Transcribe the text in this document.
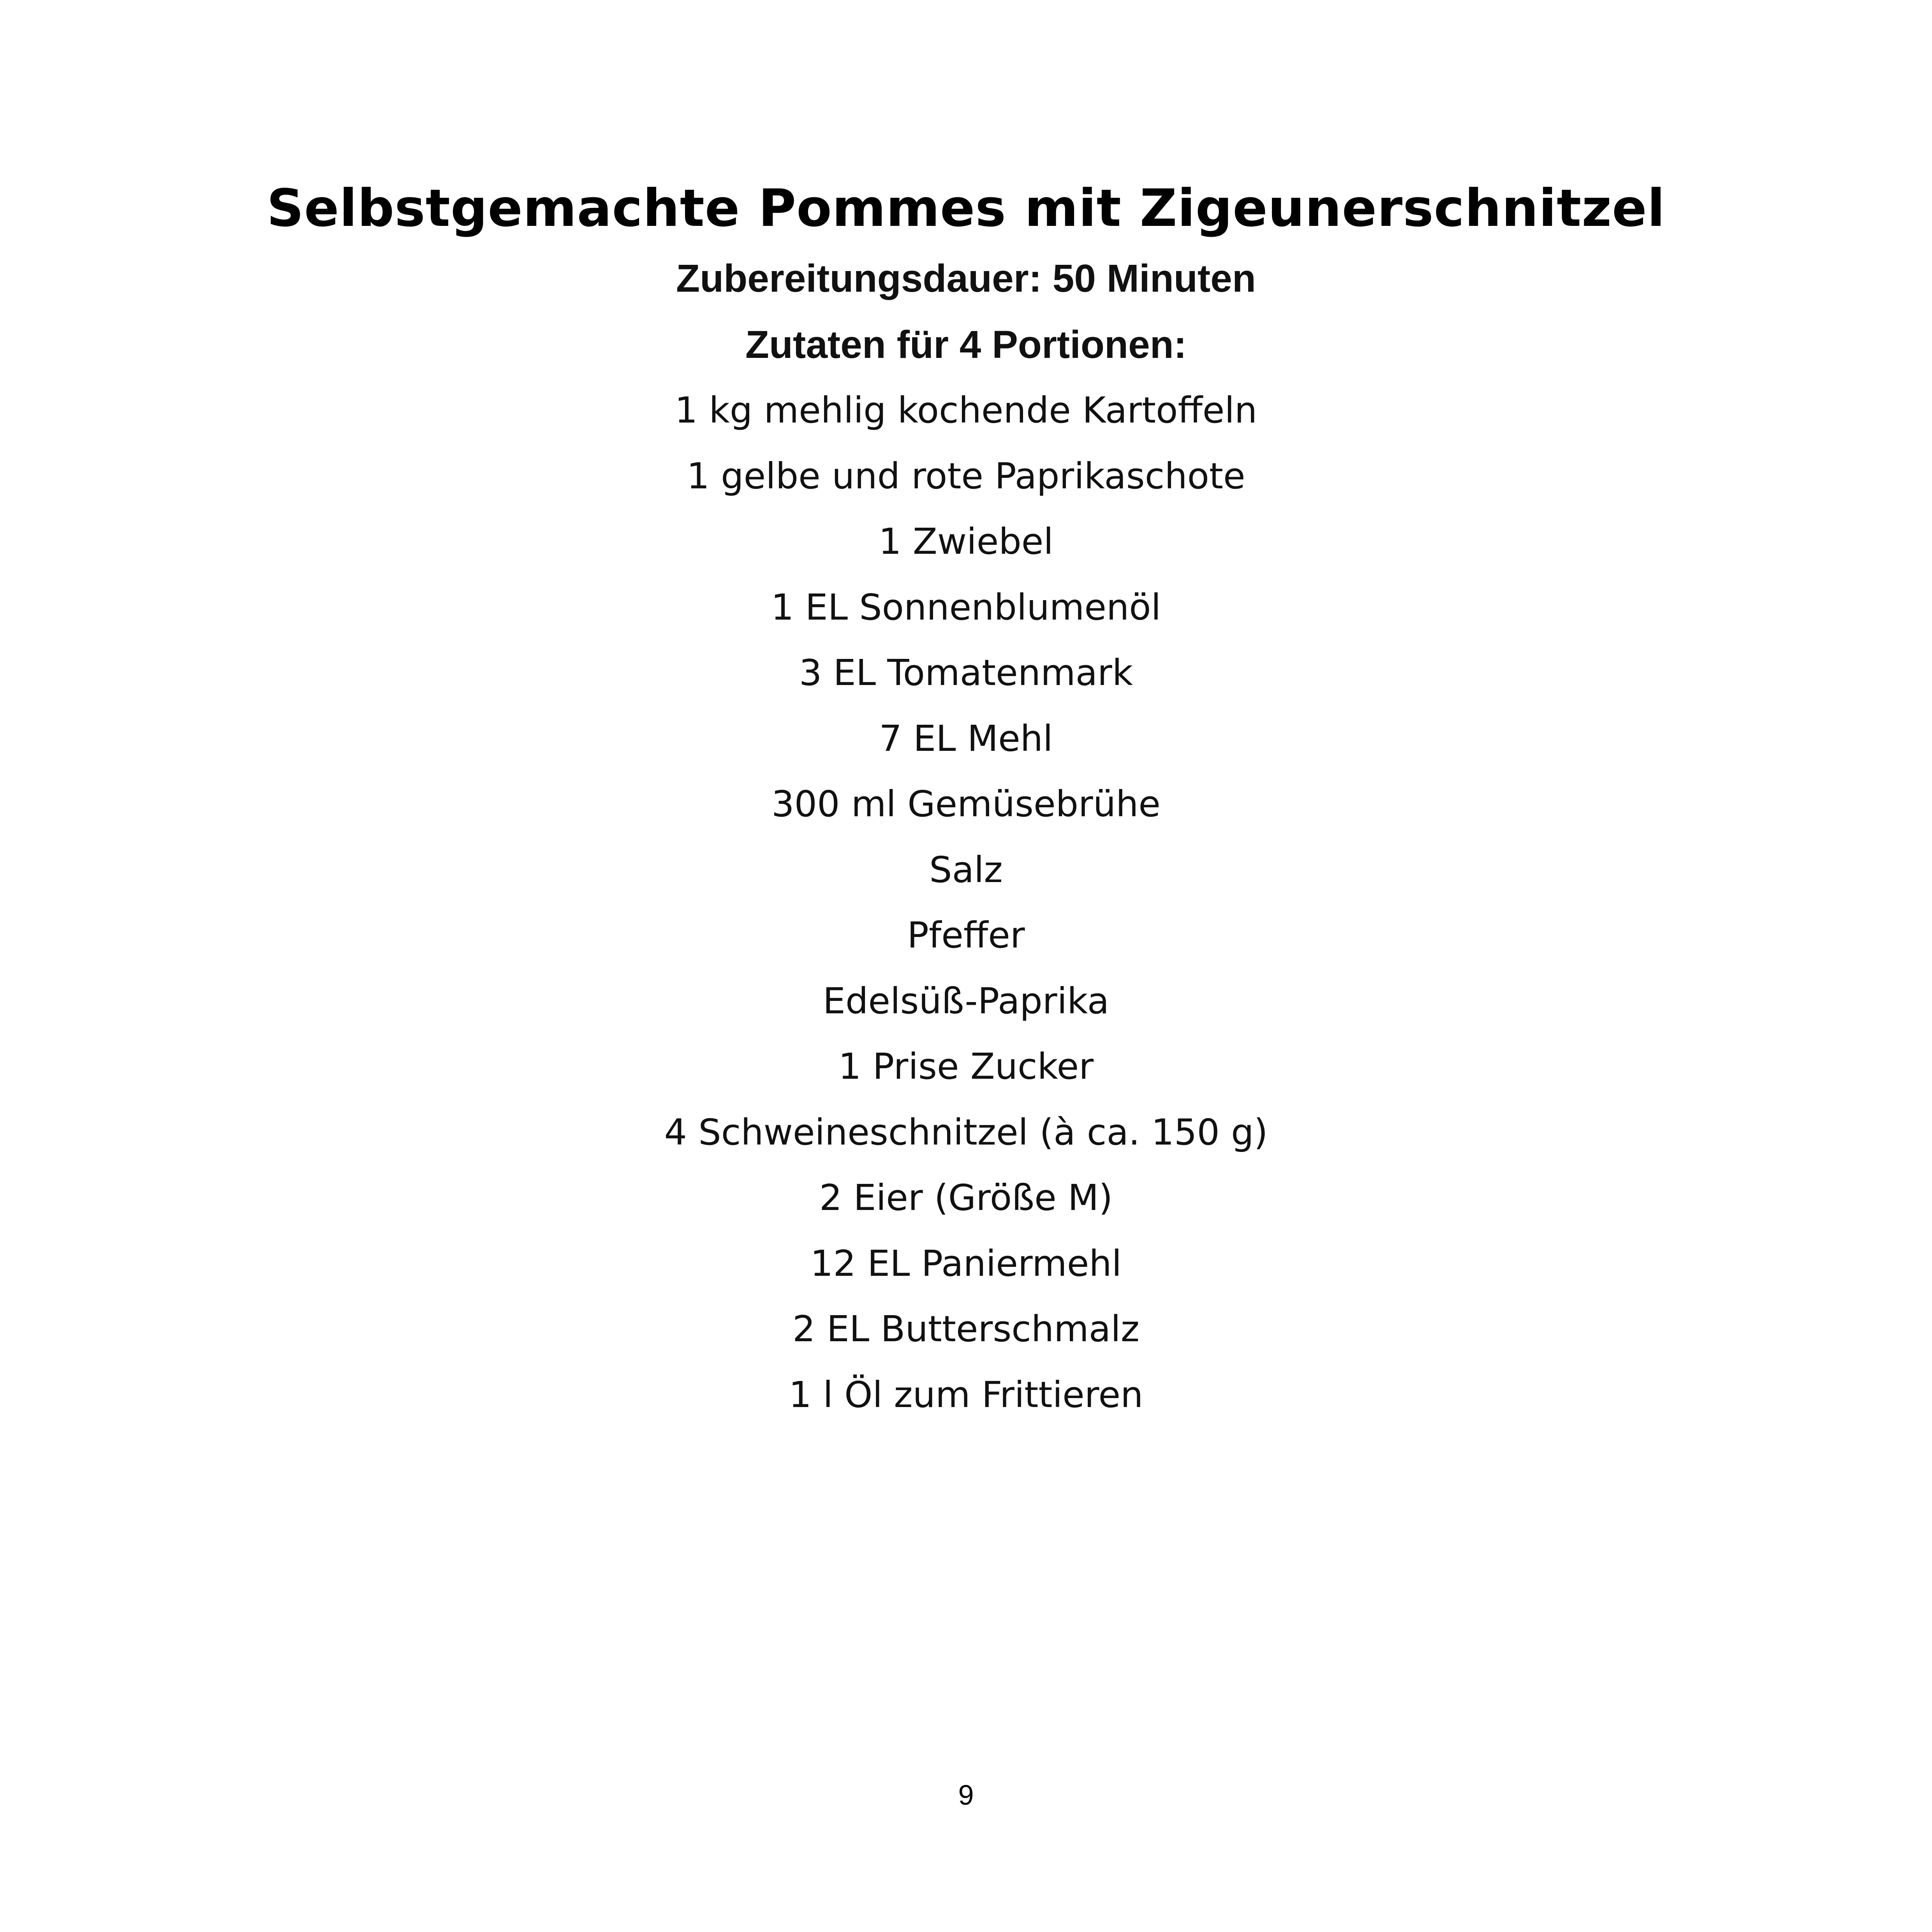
Selbstgemachte Pommes mit Zigeunerschnitzel
Zubereitungsdauer: 50 Minuten
Zutaten für 4 Portionen:
1 kg mehlig kochende Kartoffeln
1 gelbe und rote Paprikaschote
1 Zwiebel
1 EL Sonnenblumenöl
3 EL Tomatenmark
7 EL Mehl
300 ml Gemüsebrühe
Salz
Pfeffer
Edelsüß-Paprika
1 Prise Zucker
4 Schweineschnitzel (à ca. 150 g)
2 Eier (Größe M)
12 EL Paniermehl
2 EL Butterschmalz
1 l Öl zum Frittieren
9
